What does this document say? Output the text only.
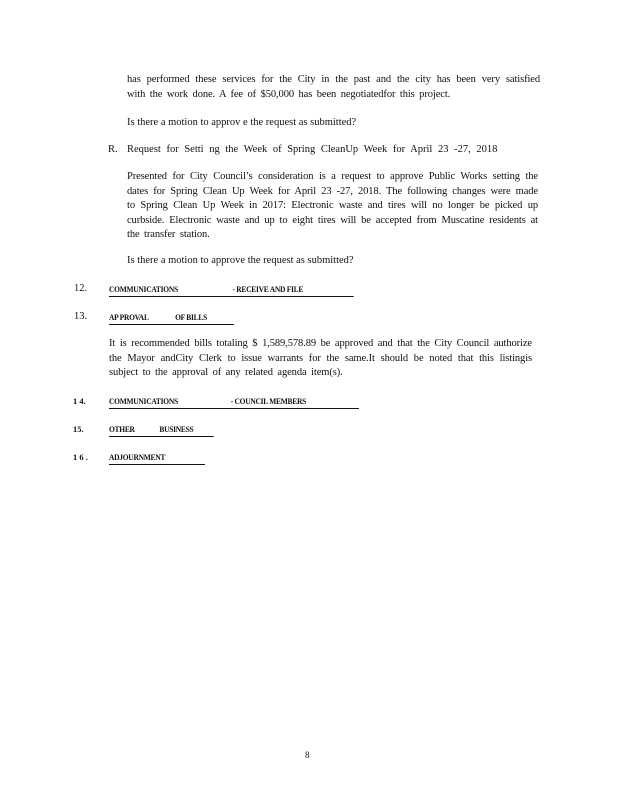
has performed these services for the City in the past and the city has been very satisfied with the work done. A fee of $50,000 has been negotiatedfor this project.
Is there a motion to approv e the request as submitted?
R. Request for Setti ng the Week of Spring CleanUp Week for April 23 -27, 2018
Presented for City Council’s consideration is a request to approve Public Works setting the dates for Spring Clean Up Week for April 23 -27, 2018. The following changes were made to Spring Clean Up Week in 2017: Electronic waste and tires will no longer be picked up curbside. Electronic waste and up to eight tires will be accepted from Muscatine residents at the transfer station.
Is there a motion to approve the request as submitted?
12.	COMMUNICATIONS	- RECEIVE AND FILE
13.	AP PROVAL	OF BILLS
It is recommended bills totaling $ 1,589,578.89 be approved and that the City Council authorize the Mayor andCity Clerk to issue warrants for the same.It should be noted that this listingis subject to the approval of any related agenda item(s).
1 4.	COMMUNICATIONS	- COUNCIL MEMBERS
15.	OTHER	BUSINESS
1 6 . ADJOURNMENT
8
